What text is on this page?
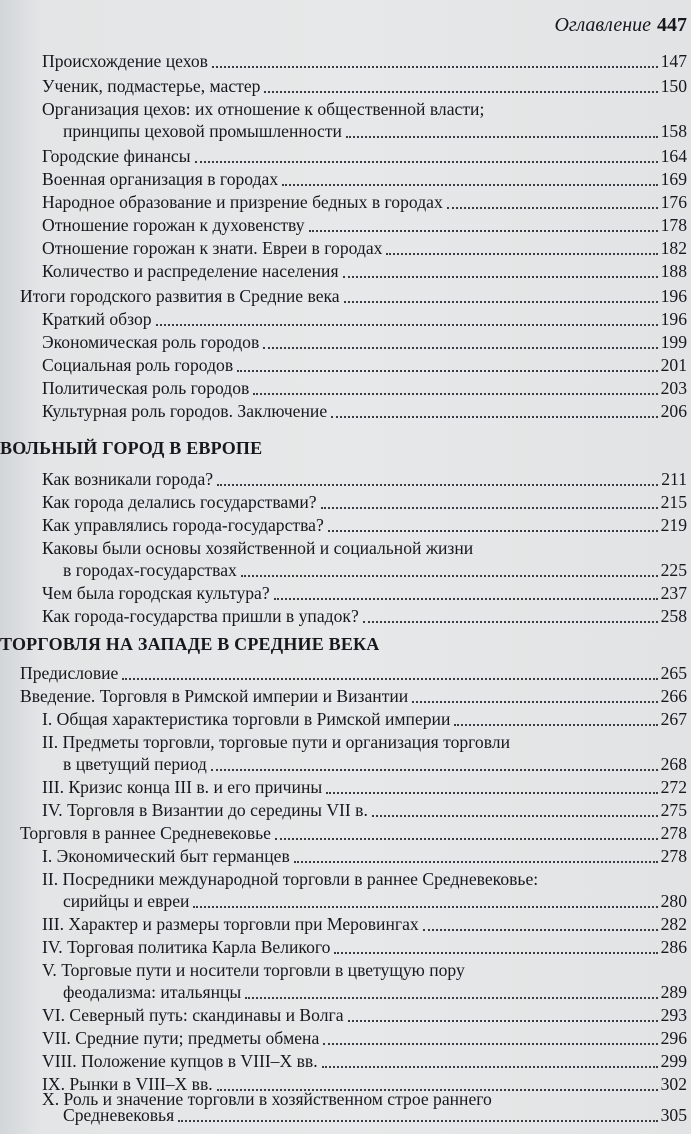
Оглавление 447
Происхождение цехов	147
Ученик, подмастерье, мастер	150
Организация цехов: их отношение к общественной власти;
принципы цеховой промышленности	158
Городские финансы	164
Военная организация в городах	169
Народное образование и призрение бедных в городах	176
Отношение горожан к духовенству	178
Отношение горожан к знати. Евреи в городах	182
Количество и распределение населения	188
Итоги городского развития в Средние века	196
Краткий обзор	196
Экономическая роль городов	199
Социальная роль городов	201
Политическая роль городов	203
Культурная роль городов. Заключение	206
ВОЛЬНЫЙ ГОРОД В ЕВРОПЕ
Как возникали города?	211
Как города делались государствами?	215
Как управлялись города-государства?	219
Каковы были основы хозяйственной и социальной жизни
в городах-государствах	225
Чем была городская культура?	237
Как города-государства пришли в упадок?	258
ТОРГОВЛЯ НА ЗАПАДЕ В СРЕДНИЕ ВЕКА
Предисловие	265
Введение. Торговля в Римской империи и Византии	266
I. Общая характеристика торговли в Римской империи	267
II. Предметы торговли, торговые пути и организация торговли
в цветущий период	268
III. Кризис конца III в. и его причины	272
IV. Торговля в Византии до середины VII в.	275
Торговля в раннее Средневековье	278
I. Экономический быт германцев	278
II. Посредники международной торговли в раннее Средневековье:
сирийцы и евреи	280
III. Характер и размеры торговли при Меровингах	282
IV. Торговая политика Карла Великого	286
V. Торговые пути и носители торговли в цветущую пору
феодализма: итальянцы	289
VI. Северный путь: скандинавы и Волга	293
VII. Средние пути; предметы обмена	296
VIII. Положение купцов в VIII–X вв.	299
IX. Рынки в VIII–X вв.	302
X. Роль и значение торговли в хозяйственном строе раннего
Средневековья	305
